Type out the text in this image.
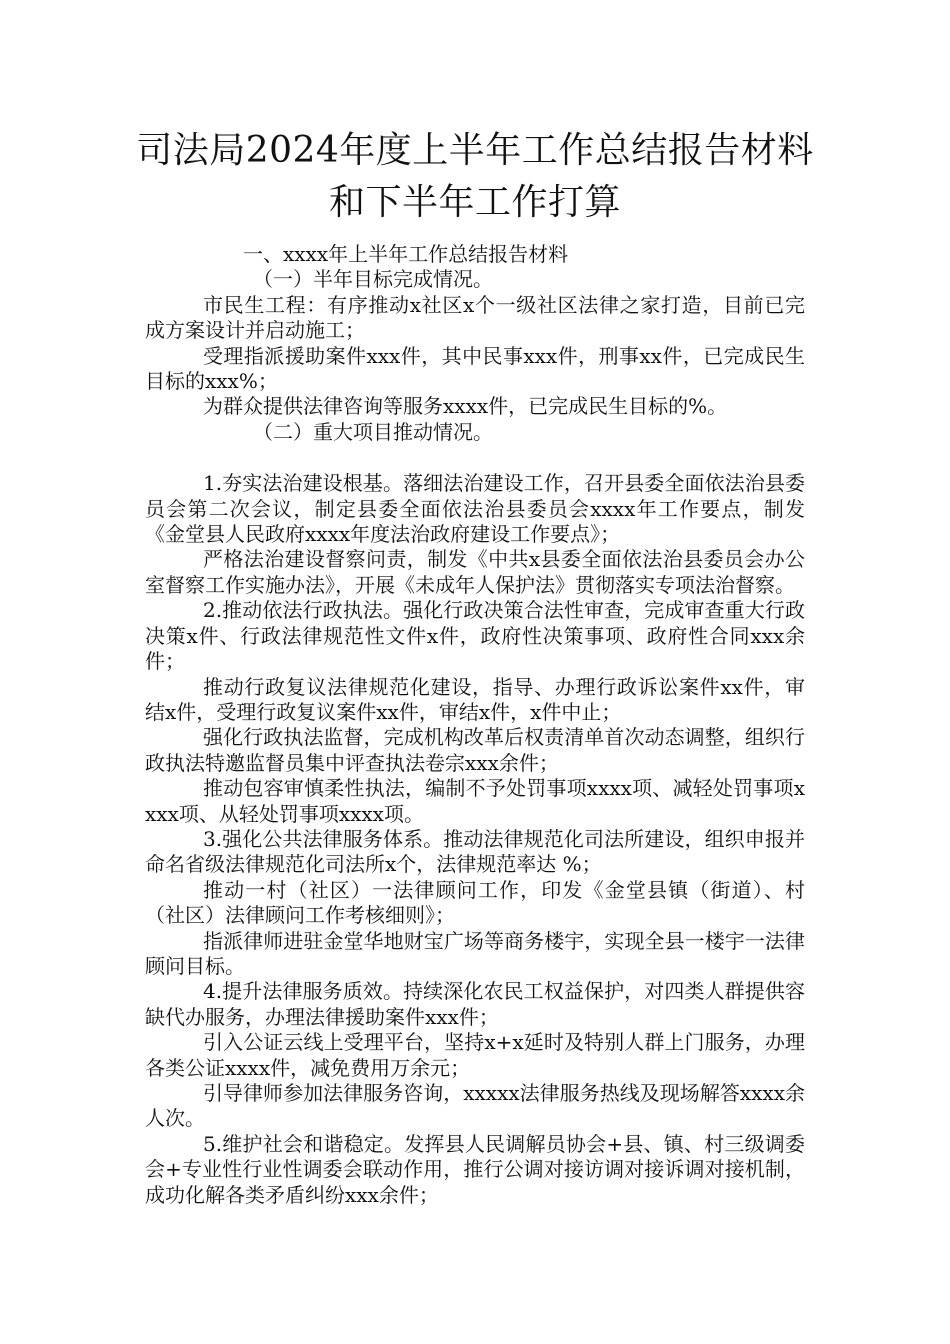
司法局2024年度上半年工作总结报告材料
和下半年工作打算

一、xxxx年上半年工作总结报告材料

（一）半年目标完成情况。

市民生工程：有序推动x社区x个一级社区法律之家打造，目前已完成方案设计并启动施工；

受理指派援助案件xxx件，其中民事xxx件，刑事xx件，已完成民生目标的xxx%；

为群众提供法律咨询等服务xxxx件，已完成民生目标的%。

（二）重大项目推动情况。

1.夯实法治建设根基。落细法治建设工作，召开县委全面依法治县委员会第二次会议，制定县委全面依法治县委员会xxxx年工作要点，制发《金堂县人民政府xxxx年度法治政府建设工作要点》；

严格法治建设督察问责，制发《中共x县委全面依法治县委员会办公室督察工作实施办法》，开展《未成年人保护法》贯彻落实专项法治督察。

2.推动依法行政执法。强化行政决策合法性审查，完成审查重大行政决策x件、行政法律规范性文件x件，政府性决策事项、政府性合同xxx余件；

推动行政复议法律规范化建设，指导、办理行政诉讼案件xx件，审结x件，受理行政复议案件xx件，审结x件，x件中止；

强化行政执法监督，完成机构改革后权责清单首次动态调整，组织行政执法特邀监督员集中评查执法卷宗xxx余件；

推动包容审慎柔性执法，编制不予处罚事项xxxx项、减轻处罚事项xxxx项、从轻处罚事项xxxx项。

3.强化公共法律服务体系。推动法律规范化司法所建设，组织申报并命名省级法律规范化司法所x个，法律规范率达 %；

推动一村（社区）一法律顾问工作，印发《金堂县镇（街道）、村（社区）法律顾问工作考核细则》；

指派律师进驻金堂华地财宝广场等商务楼宇，实现全县一楼宇一法律顾问目标。

4.提升法律服务质效。持续深化农民工权益保护，对四类人群提供容缺代办服务，办理法律援助案件xxx件；

引入公证云线上受理平台，坚持x+x延时及特别人群上门服务，办理各类公证xxxx件，减免费用万余元；

引导律师参加法律服务咨询，xxxxx法律服务热线及现场解答xxxx余人次。

5.维护社会和谐稳定。发挥县人民调解员协会+县、镇、村三级调委会+专业性行业性调委会联动作用，推行公调对接访调对接诉调对接机制，成功化解各类矛盾纠纷xxx余件；
